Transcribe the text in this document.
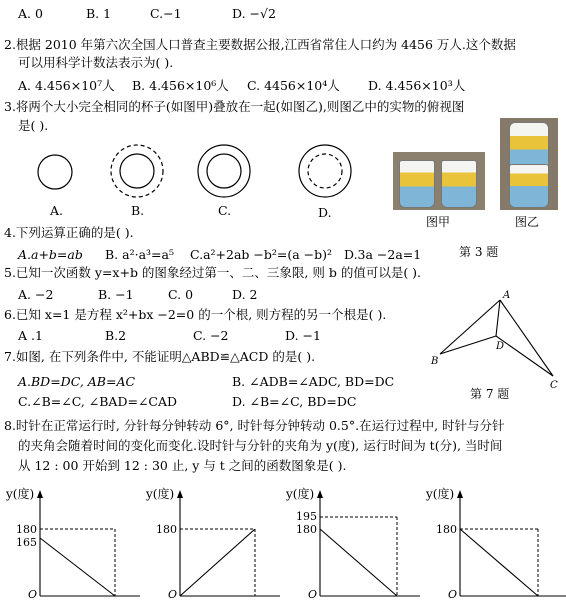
A. 0	B. 1	C.−1	D. −√2
2.根据 2010 年第六次全国人口普查主要数据公报,江西省常住人口约为 4456 万人.这个数据
可以用科学计数法表示为( ).
A. 4.456×10⁷人 B. 4.456×10⁶人 C. 4456×10⁴人 D. 4.456×10³人
3.将两个大小完全相同的杯子(如图甲)叠放在一起(如图乙),则图乙中的实物的俯视图
是( ).
A.	B.	C.	D.
图甲	图乙
4.下列运算正确的是( ).
A.a+b=ab B. a²·a³=a⁵ C.a²+2ab −b²=(a −b)² D.3a −2a=1	第 3 题
5.已知一次函数 y=x+b 的图象经过第一、二、三象限, 则 b 的值可以是( ).
A. −2	B. −1	C. 0	D. 2
6.已知 x=1 是方程 x²+bx −2=0 的一个根, 则方程的另一个根是( ).
A .1	B.2	C. −2	D. −1
7.如图, 在下列条件中, 不能证明△ABD≌△ACD 的是( ).
A.BD=DC, AB=AC	B. ∠ADB=∠ADC, BD=DC
C.∠B=∠C, ∠BAD=∠CAD	D. ∠B=∠C, BD=DC
A
B
C
D
第 7 题
8.时针在正常运行时, 分针每分钟转动 6°, 时针每分钟转动 0.5°.在运行过程中, 时针与分针
的夹角会随着时间的变化而变化.设时针与分针的夹角为 y(度), 运行时间为 t(分), 当时间
从 12 : 00 开始到 12 : 30 止, y 与 t 之间的函数图象是( ).
y(度)
180
165
O
y(度)
180
O
y(度)
195
180
O
y(度)
180
O
